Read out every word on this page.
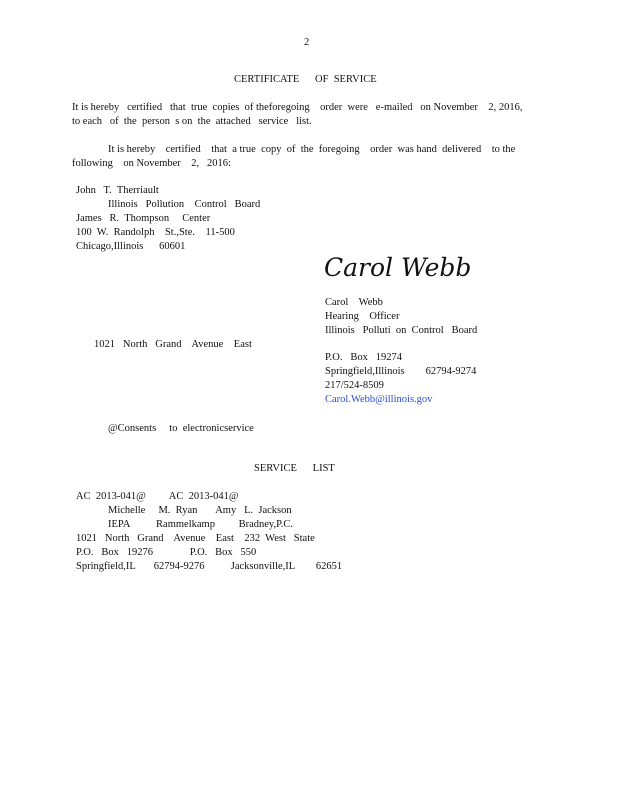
2
CERTIFICATE      OF  SERVICE
It is hereby   certified   that  true  copies  of theforegoing    order  were   e-mailed   on November    2, 2016,
to each   of  the  person  s on  the  attached   service   list.
It is hereby    certified    that  a true  copy  of  the  foregoing    order  was hand  delivered    to the
following    on November    2,   2016:
John   T.  Therriault
Illinois   Pollution    Control   Board
James   R.  Thompson     Center
100  W.  Randolph    St.,Ste.    11-500
Chicago,Illinois      60601
Carol Webb
Carol    Webb
Hearing    Officer
Illinois   Polluti  on  Control   Board
P.O.   Box   19274
Springfield,Illinois        62794-9274
217/524-8509
Carol.Webb@illinois.gov
1021   North   Grand    Avenue    East
@Consents     to  electronicservice
SERVICE      LIST
AC  2013-041@         AC  2013-041@
Michelle     M.  Ryan       Amy   L.  Jackson
IEPA          Rammelkamp         Bradney,P.C.
1021   North   Grand    Avenue    East    232  West   State
P.O.   Box   19276              P.O.   Box   550
Springfield,IL       62794-9276          Jacksonville,IL        62651
